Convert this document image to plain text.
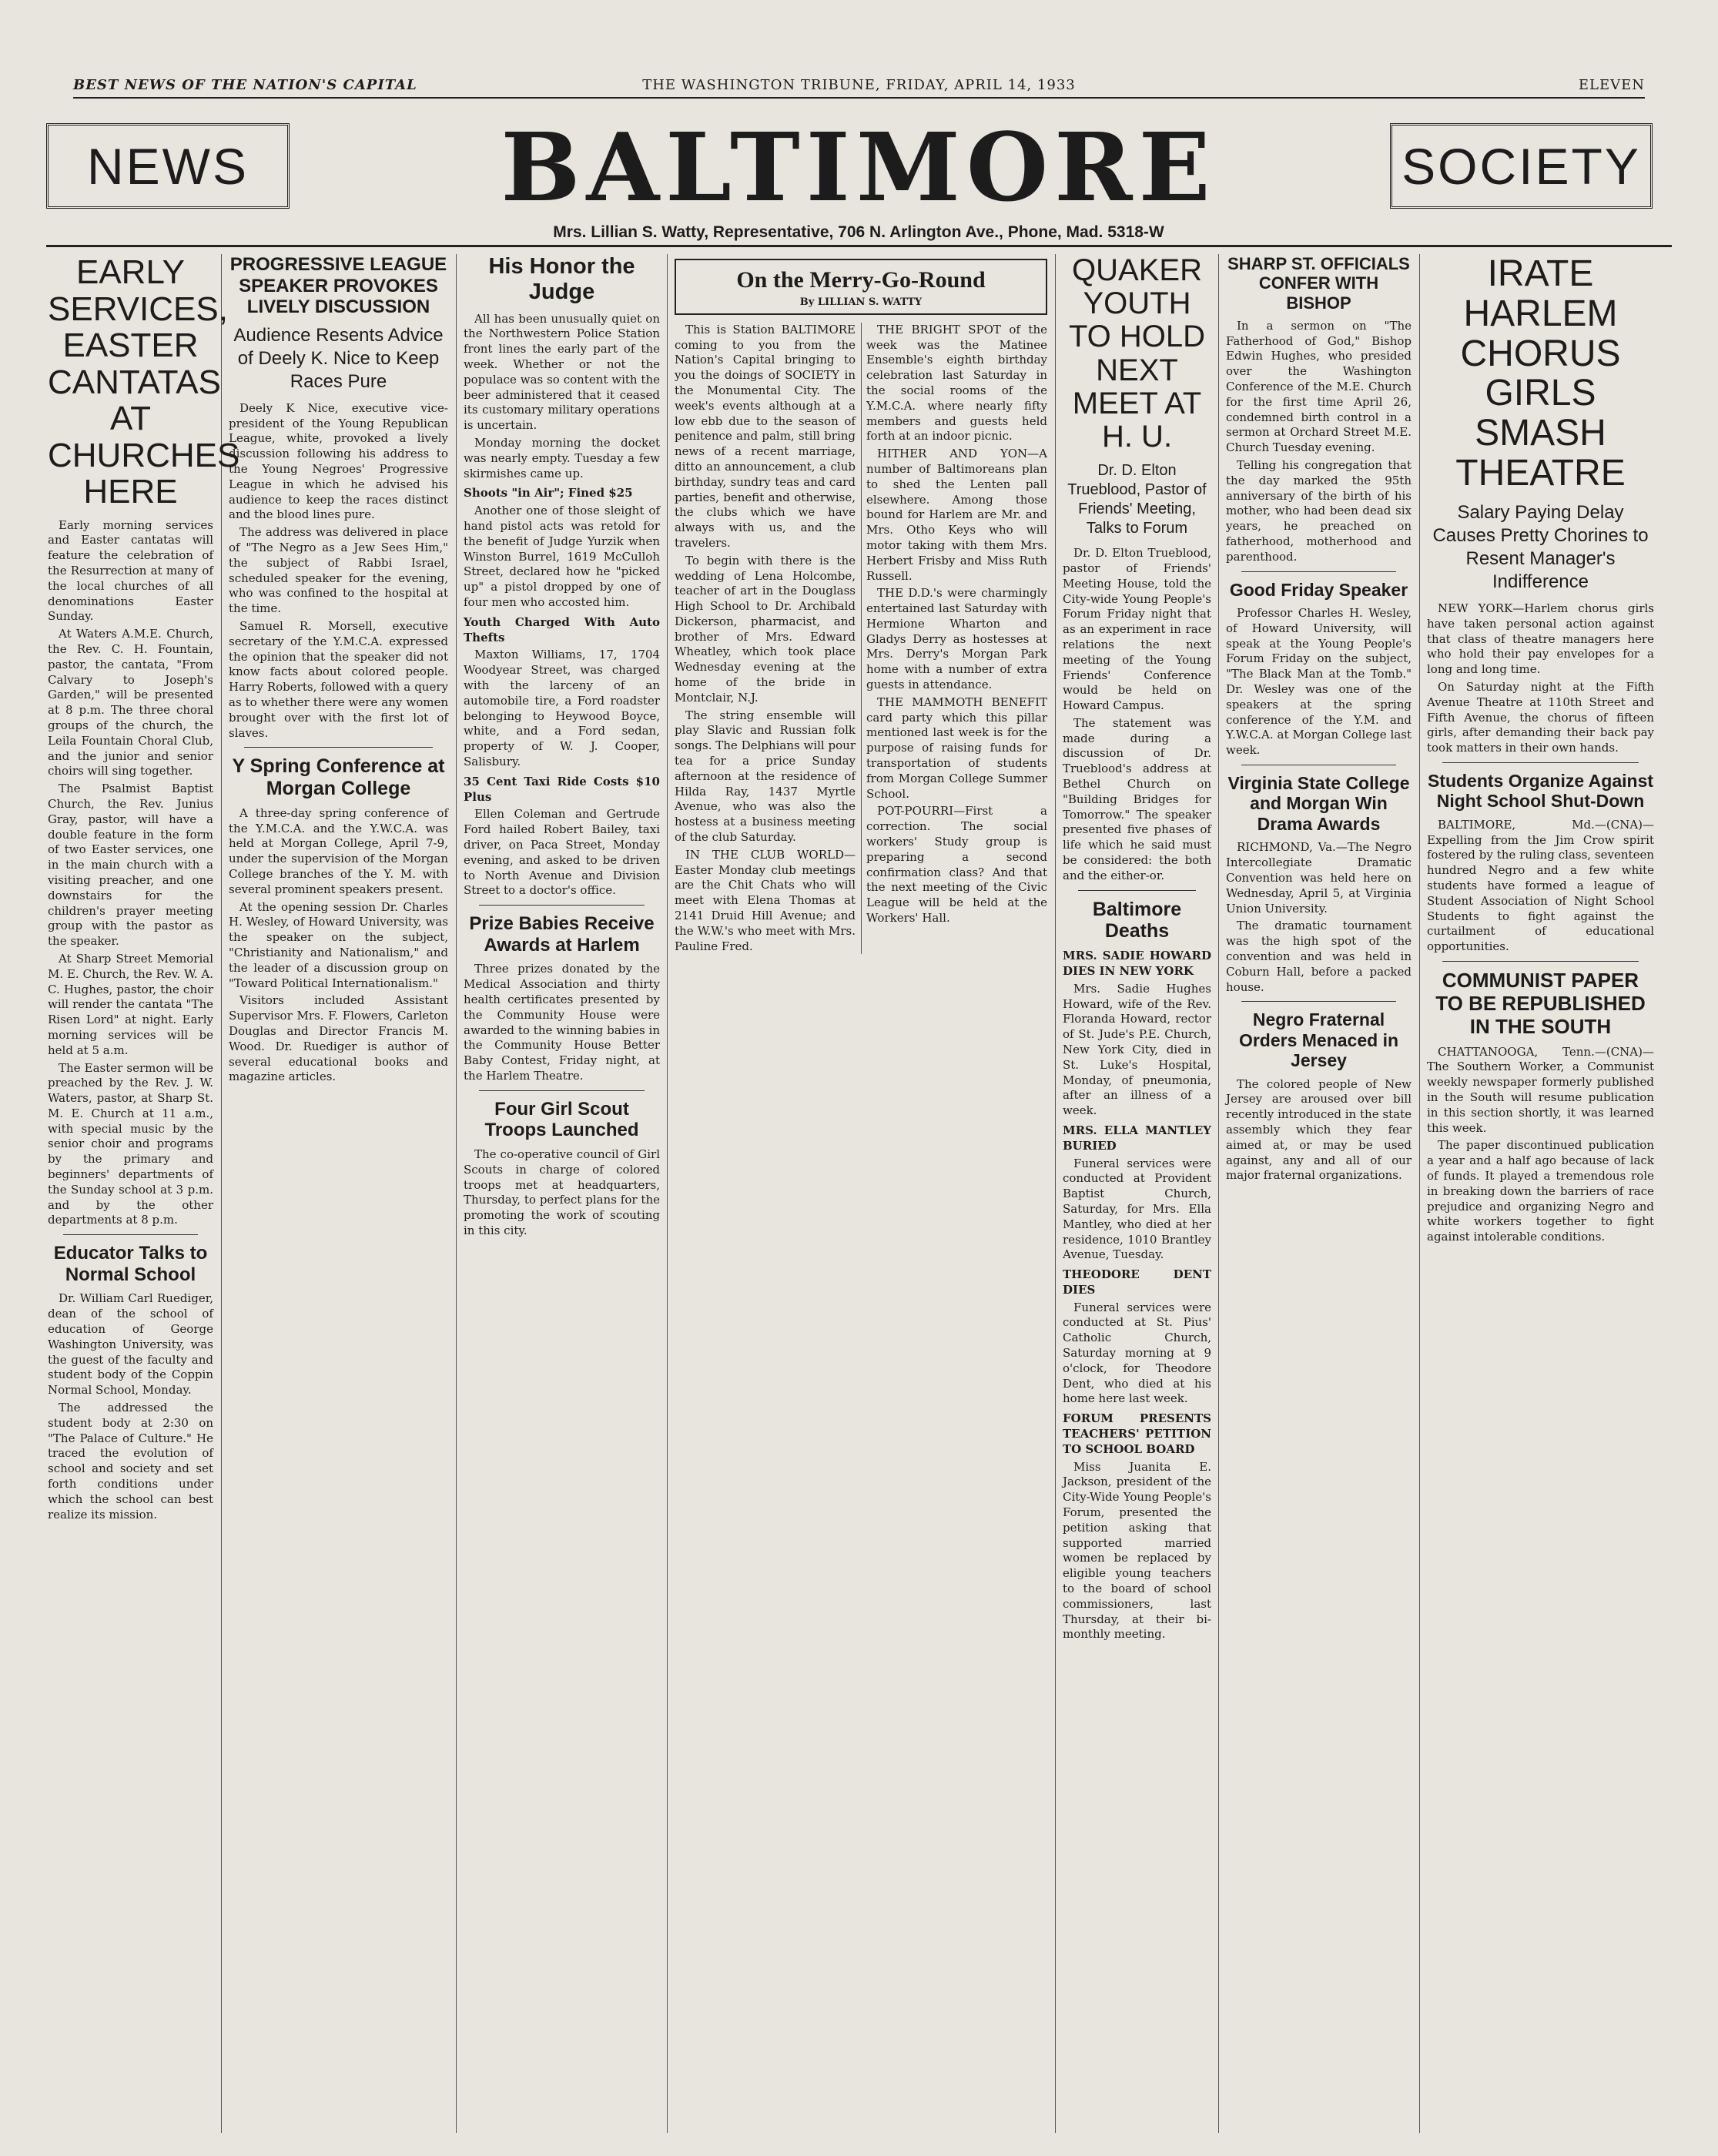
BEST NEWS OF THE NATION'S CAPITAL	THE WASHINGTON TRIBUNE, FRIDAY, APRIL 14, 1933	ELEVEN
NEWS	BALTIMORE	SOCIETY
Mrs. Lillian S. Watty, Representative, 706 N. Arlington Ave., Phone, Mad. 5318-W
EARLY SERVICES, EASTER CANTATAS AT CHURCHES HERE

Early morning services and Easter cantatas will feature the celebration of the Resurrection at many of the local churches of all denominations Easter Sunday.

At Waters A.M.E. Church, the Rev. C. H. Fountain, pastor, the cantata, "From Calvary to Joseph's Garden," will be presented at 8 p.m. The three choral groups of the church, the Leila Fountain Choral Club, and the junior and senior choirs will sing together.

The Psalmist Baptist Church, the Rev. Junius Gray, pastor, will have a double feature in the form of two Easter services, one in the main church with a visiting preacher, and one downstairs for the children's prayer meeting group with the pastor as the speaker.

At Sharp Street Memorial M. E. Church, the Rev. W. A. C. Hughes, pastor, the choir will render the cantata "The Risen Lord" at night. Early morning services will be held at 5 a.m.

The Easter sermon will be preached by the Rev. J. W. Waters, pastor, at Sharp St. M. E. Church at 11 a.m., with special music by the senior choir and programs by the primary and beginners' departments of the Sunday school at 3 p.m. and by the other departments at 8 p.m.

Educator Talks to Normal School

Dr. William Carl Ruediger, dean of the school of education of George Washington University, was the guest of the faculty and student body of the Coppin Normal School, Monday.

The addressed the student body at 2:30 on "The Palace of Culture." He traced the evolution of school and society and set forth conditions under which the school can best realize its mission.

PROGRESSIVE LEAGUE SPEAKER PROVOKES LIVELY DISCUSSION
Audience Resents Advice of Deely K. Nice to Keep Races Pure

Deely K Nice, executive vice-president of the Young Republican League, white, provoked a lively discussion following his address to the Young Negroes' Progressive League in which he advised his audience to keep the races distinct and the blood lines pure.

The address was delivered in place of "The Negro as a Jew Sees Him," the subject of Rabbi Israel, scheduled speaker for the evening, who was confined to the hospital at the time.

Samuel R. Morsell, executive secretary of the Y.M.C.A. expressed the opinion that the speaker did not know facts about colored people. Harry Roberts, followed with a query as to whether there were any women brought over with the first lot of slaves.

Y Spring Conference at Morgan College

A three-day spring conference of the Y.M.C.A. and the Y.W.C.A. was held at Morgan College, April 7-9, under the supervision of the Morgan College branches of the Y. M. with several prominent speakers present.

At the opening session Dr. Charles H. Wesley, of Howard University, was the speaker on the subject, "Christianity and Nationalism," and the leader of a discussion group on "Toward Political Internationalism."

Visitors included Assistant Supervisor Mrs. F. Flowers, Carleton Douglas and Director Francis M. Wood. Dr. Ruediger is author of several educational books and magazine articles.

His Honor the Judge

All has been unusually quiet on the Northwestern Police Station front lines the early part of the week. Whether or not the populace was so content with the beer administered that it ceased its customary military operations is uncertain.

Monday morning the docket was nearly empty. Tuesday a few skirmishes came up.

Shoots "in Air"; Fined $25

Another one of those sleight of hand pistol acts was retold for the benefit of Judge Yurzik when Winston Burrel, 1619 McCulloh Street, declared how he "picked up" a pistol dropped by one of four men who accosted him.

Youth Charged With Auto Thefts

Maxton Williams, 17, 1704 Woodyear Street, was charged with the larceny of an automobile tire, a Ford roadster belonging to Heywood Boyce, white, and a Ford sedan, property of W. J. Cooper, Salisbury.

35 Cent Taxi Ride Costs $10 Plus

Ellen Coleman and Gertrude Ford hailed Robert Bailey, taxi driver, on Paca Street, Monday evening, and asked to be driven to North Avenue and Division Street to a doctor's office.

Prize Babies Receive Awards at Harlem

Three prizes donated by the Medical Association and thirty health certificates presented by the Community House were awarded to the winning babies in the Community House Better Baby Contest, Friday night, at the Harlem Theatre.

Four Girl Scout Troops Launched

The co-operative council of Girl Scouts in charge of colored troops met at headquarters, Thursday, to perfect plans for the promoting the work of scouting in this city.

On the Merry-Go-Round
By LILLIAN S. WATTY

This is Station BALTIMORE coming to you from the Nation's Capital bringing to you the doings of SOCIETY in the Monumental City. The week's events although at a low ebb due to the season of penitence and palm, still bring news of a recent marriage, ditto an announcement, a club birthday, sundry teas and card parties, benefit and otherwise, the clubs which we have always with us, and the travelers.

To begin with there is the wedding of Lena Holcombe, teacher of art in the Douglass High School to Dr. Archibald Dickerson, pharmacist, and brother of Mrs. Edward Wheatley, which took place Wednesday evening at the home of the bride in Montclair, N.J.

The string ensemble will play Slavic and Russian folk songs. The Delphians will pour tea for a price Sunday afternoon at the residence of Hilda Ray, 1437 Myrtle Avenue, who was also the hostess at a business meeting of the club Saturday.

IN THE CLUB WORLD—Easter Monday club meetings are the Chit Chats who will meet with Elena Thomas at 2141 Druid Hill Avenue; and the W.W.'s who meet with Mrs. Pauline Fred.

THE BRIGHT SPOT of the week was the Matinee Ensemble's eighth birthday celebration last Saturday in the social rooms of the Y.M.C.A. where nearly fifty members and guests held forth at an indoor picnic.

HITHER AND YON—A number of Baltimoreans plan to shed the Lenten pall elsewhere. Among those bound for Harlem are Mr. and Mrs. Otho Keys who will motor taking with them Mrs. Herbert Frisby and Miss Ruth Russell.

THE D.D.'s were charmingly entertained last Saturday with Hermione Wharton and Gladys Derry as hostesses at Mrs. Derry's Morgan Park home with a number of extra guests in attendance.

THE MAMMOTH BENEFIT card party which this pillar mentioned last week is for the purpose of raising funds for transportation of students from Morgan College Summer School.

POT-POURRI—First a correction. The social workers' Study group is preparing a second confirmation class? And that the next meeting of the Civic League will be held at the Workers' Hall.

QUAKER YOUTH TO HOLD NEXT MEET AT H. U.
Dr. D. Elton Trueblood, Pastor of Friends' Meeting, Talks to Forum

Dr. D. Elton Trueblood, pastor of Friends' Meeting House, told the City-wide Young People's Forum Friday night that as an experiment in race relations the next meeting of the Young Friends' Conference would be held on Howard Campus.

The statement was made during a discussion of Dr. Trueblood's address at Bethel Church on "Building Bridges for Tomorrow." The speaker presented five phases of life which he said must be considered: the both and the either-or.

Baltimore Deaths
MRS. SADIE HOWARD DIES IN NEW YORK

Mrs. Sadie Hughes Howard, wife of the Rev. Floranda Howard, rector of St. Jude's P.E. Church, New York City, died in St. Luke's Hospital, Monday, of pneumonia, after an illness of a week.

MRS. ELLA MANTLEY BURIED

Funeral services were conducted at Provident Baptist Church, Saturday, for Mrs. Ella Mantley, who died at her residence, 1010 Brantley Avenue, Tuesday.

THEODORE DENT DIES

Funeral services were conducted at St. Pius' Catholic Church, Saturday morning at 9 o'clock, for Theodore Dent, who died at his home here last week.

FORUM PRESENTS TEACHERS' PETITION TO SCHOOL BOARD

Miss Juanita E. Jackson, president of the City-Wide Young People's Forum, presented the petition asking that supported married women be replaced by eligible young teachers to the board of school commissioners, last Thursday, at their bi-monthly meeting.

SHARP ST. OFFICIALS CONFER WITH BISHOP

In a sermon on "The Fatherhood of God," Bishop Edwin Hughes, who presided over the Washington Conference of the M.E. Church for the first time April 26, condemned birth control in a sermon at Orchard Street M.E. Church Tuesday evening.

Telling his congregation that the day marked the 95th anniversary of the birth of his mother, who had been dead six years, he preached on fatherhood, motherhood and parenthood.

Good Friday Speaker

Professor Charles H. Wesley, of Howard University, will speak at the Young People's Forum Friday on the subject, "The Black Man at the Tomb." Dr. Wesley was one of the speakers at the spring conference of the Y.M. and Y.W.C.A. at Morgan College last week.

Virginia State College and Morgan Win Drama Awards

RICHMOND, Va.—The Negro Intercollegiate Dramatic Convention was held here on Wednesday, April 5, at Virginia Union University.

The dramatic tournament was the high spot of the convention and was held in Coburn Hall, before a packed house.

Negro Fraternal Orders Menaced in Jersey

The colored people of New Jersey are aroused over bill recently introduced in the state assembly which they fear aimed at, or may be used against, any and all of our major fraternal organizations.

IRATE HARLEM CHORUS GIRLS SMASH THEATRE
Salary Paying Delay Causes Pretty Chorines to Resent Manager's Indifference

NEW YORK—Harlem chorus girls have taken personal action against that class of theatre managers here who hold their pay envelopes for a long and long time.

On Saturday night at the Fifth Avenue Theatre at 110th Street and Fifth Avenue, the chorus of fifteen girls, after demanding their back pay took matters in their own hands.

Students Organize Against Night School Shut-Down

BALTIMORE, Md.—(CNA)—Expelling from the Jim Crow spirit fostered by the ruling class, seventeen hundred Negro and a few white students have formed a league of Student Association of Night School Students to fight against the curtailment of educational opportunities.

COMMUNIST PAPER TO BE REPUBLISHED IN THE SOUTH

CHATTANOOGA, Tenn.—(CNA)—The Southern Worker, a Communist weekly newspaper formerly published in the South will resume publication in this section shortly, it was learned this week.

The paper discontinued publication a year and a half ago because of lack of funds. It played a tremendous role in breaking down the barriers of race prejudice and organizing Negro and white workers together to fight against intolerable conditions.
